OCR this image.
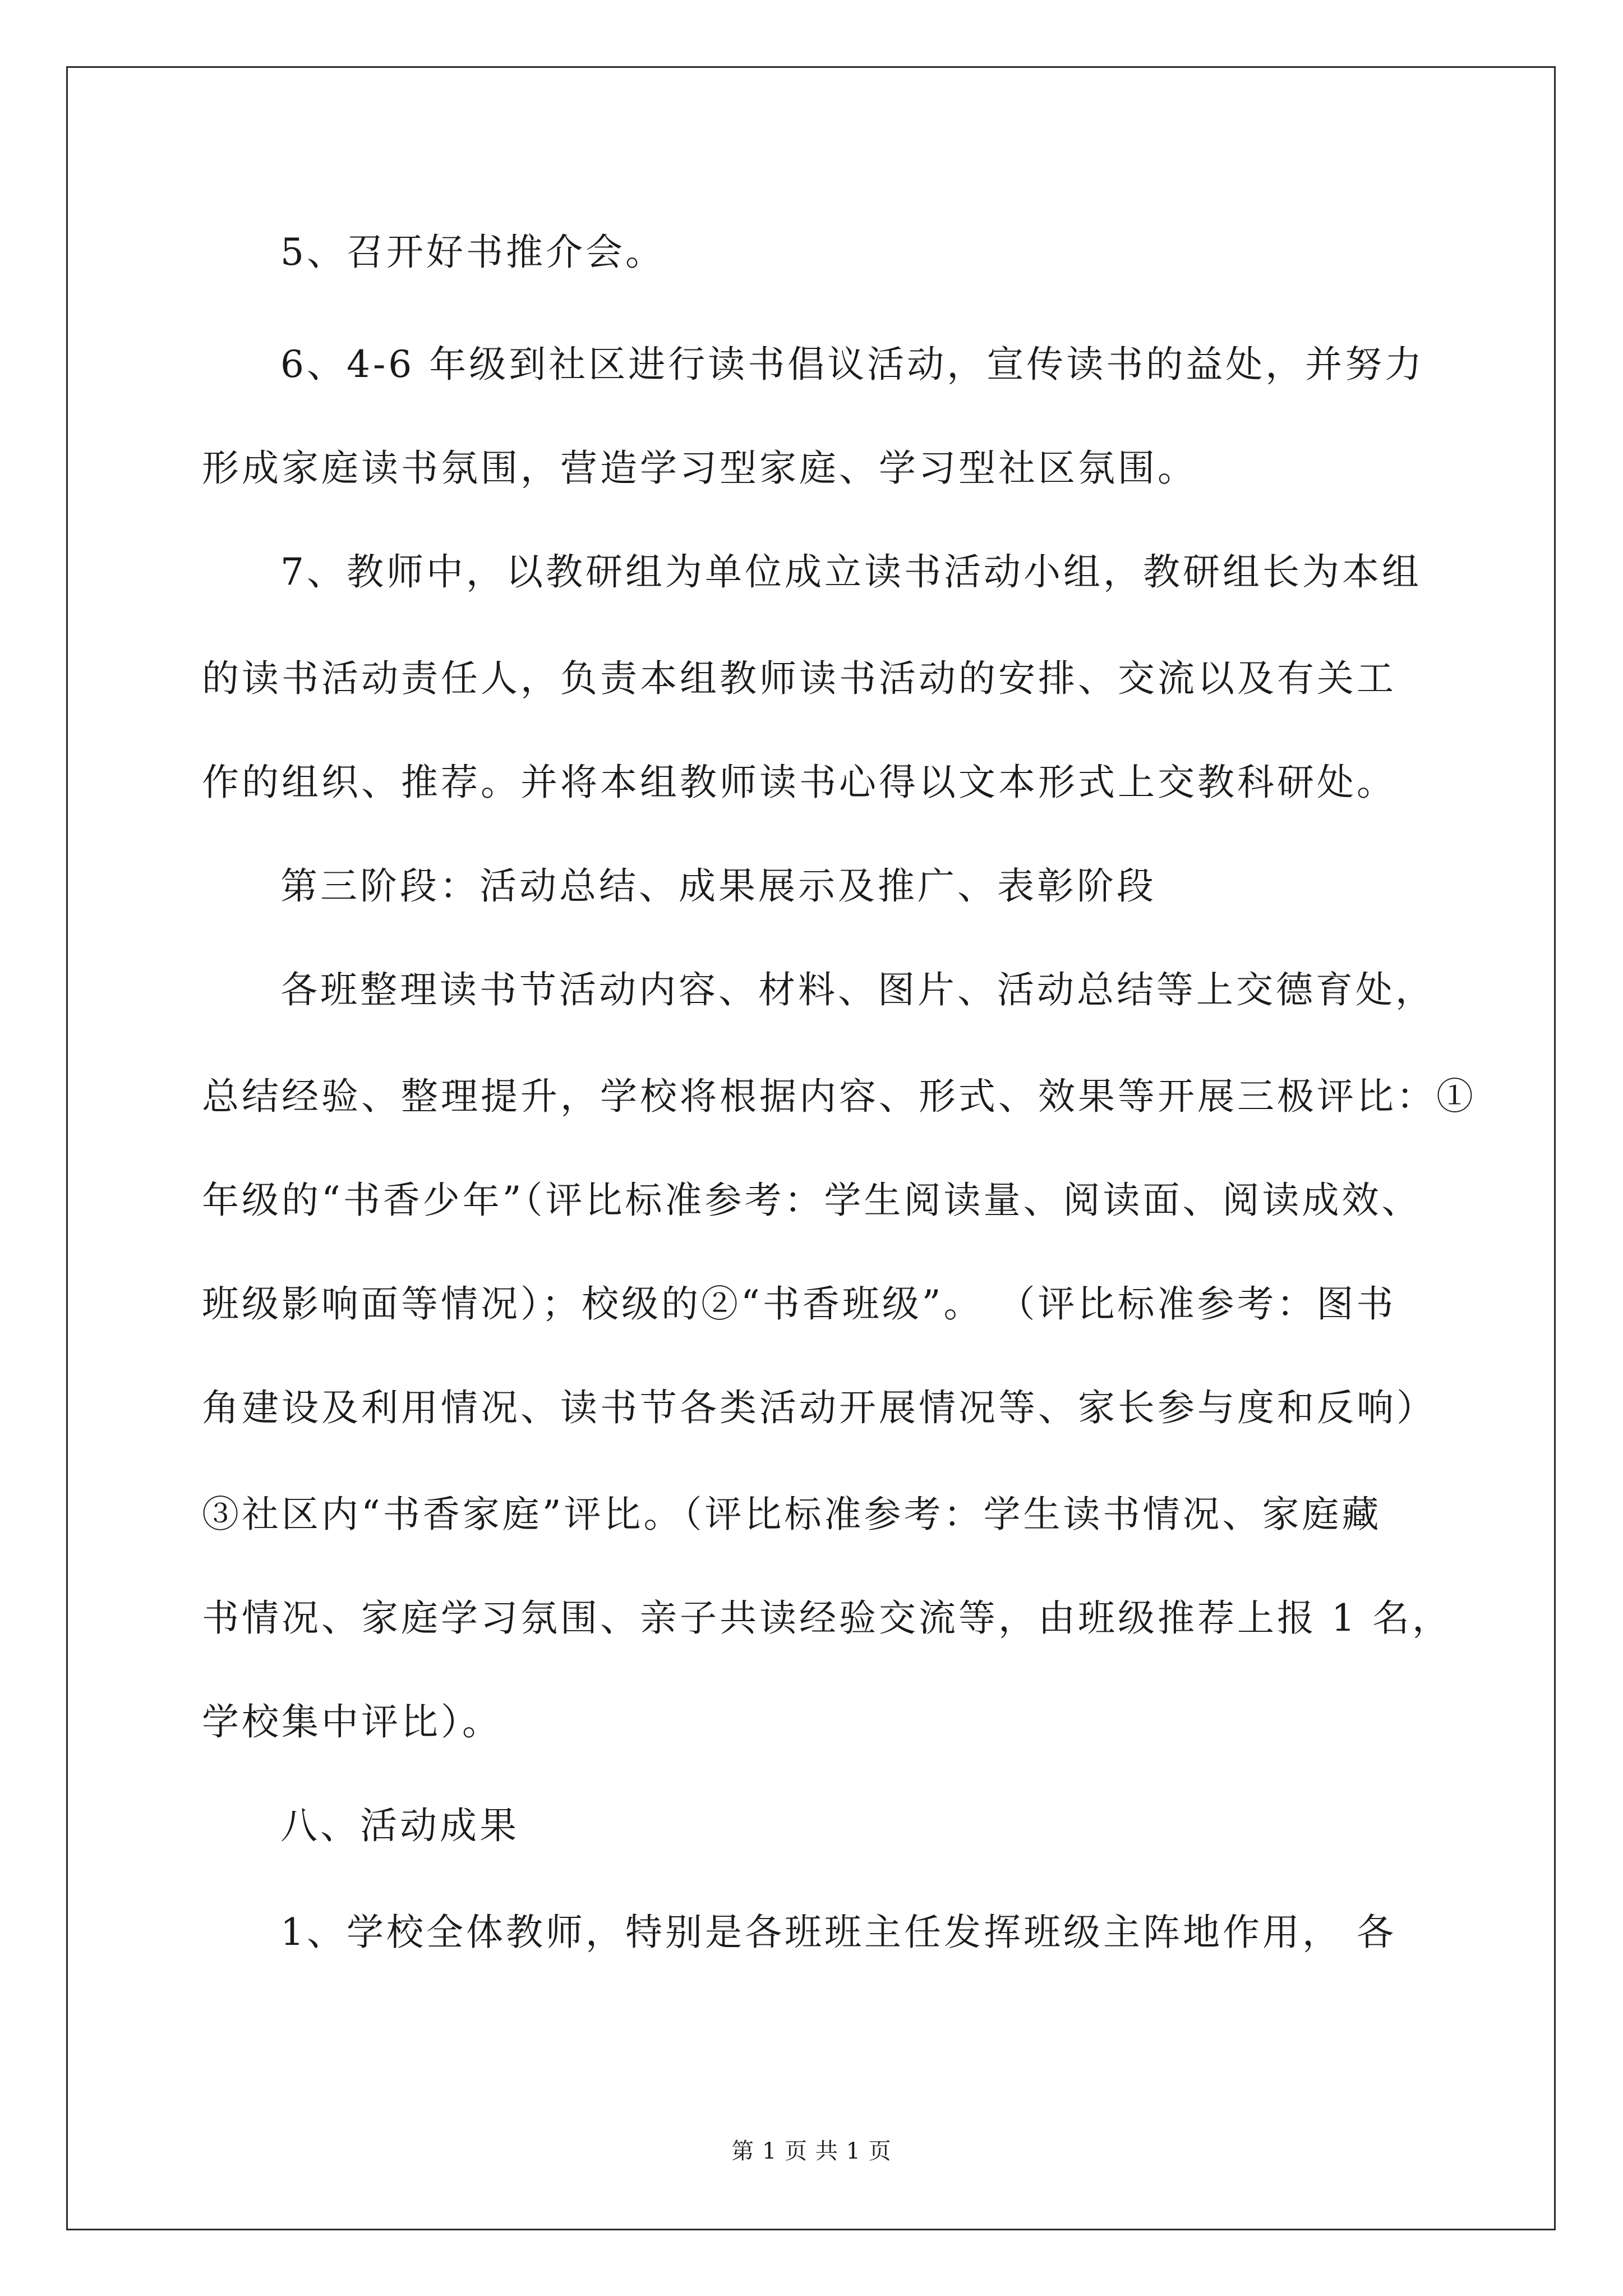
5、召开好书推介会。
6、4-6 年级到社区进行读书倡议活动，宣传读书的益处，并努力
形成家庭读书氛围，营造学习型家庭、学习型社区氛围。
7、教师中，以教研组为单位成立读书活动小组，教研组长为本组
的读书活动责任人，负责本组教师读书活动的安排、交流以及有关工
作的组织、推荐。并将本组教师读书心得以文本形式上交教科研处。
第三阶段：活动总结、成果展示及推广、表彰阶段
各班整理读书节活动内容、材料、图片、活动总结等上交德育处，
总结经验、整理提升，学校将根据内容、形式、效果等开展三极评比：①
年级的“书香少年”（评比标准参考：学生阅读量、阅读面、阅读成效、
班级影响面等情况）；校级的②“书香班级”。 （评比标准参考：图书
角建设及利用情况、读书节各类活动开展情况等、家长参与度和反响）
③社区内“书香家庭”评比。（评比标准参考：学生读书情况、家庭藏
书情况、家庭学习氛围、亲子共读经验交流等，由班级推荐上报 1 名，
学校集中评比）。
八、活动成果
1、学校全体教师，特别是各班班主任发挥班级主阵地作用， 各
第 1 页 共 1 页
